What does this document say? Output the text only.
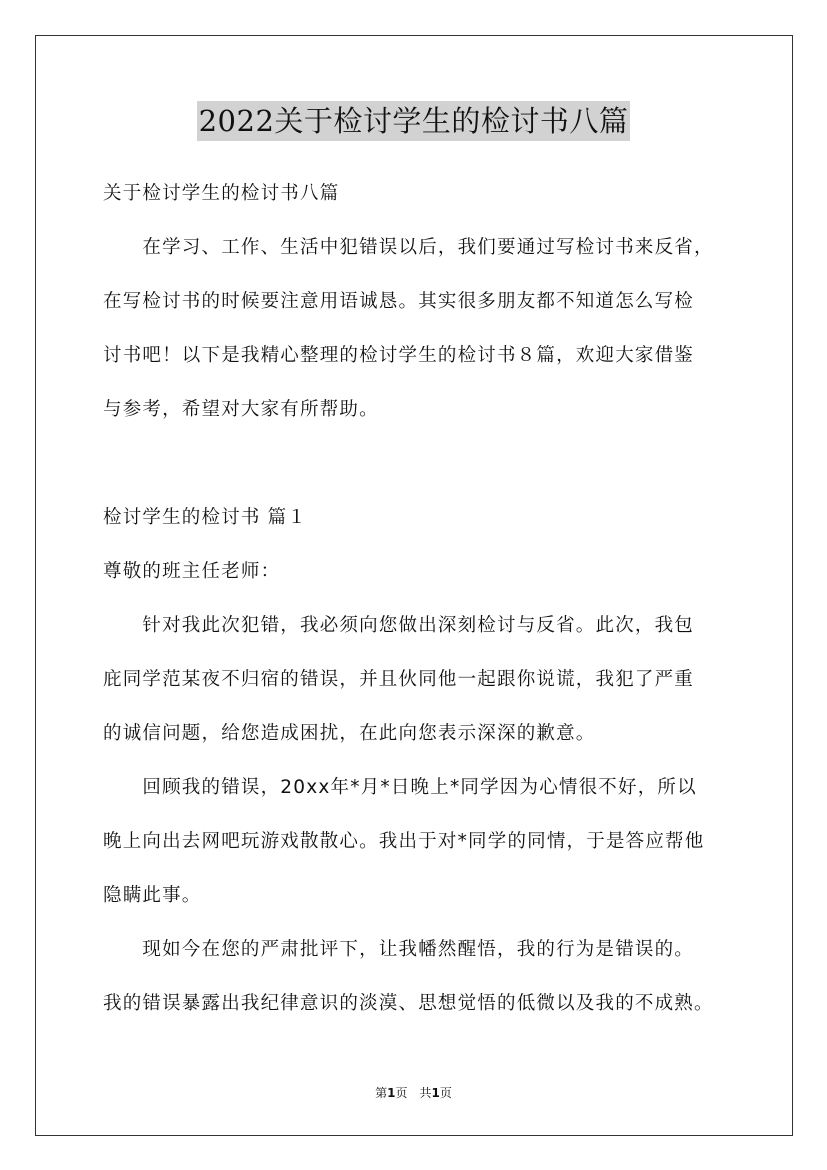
2022关于检讨学生的检讨书八篇
关于检讨学生的检讨书八篇
　　在学习、工作、生活中犯错误以后，我们要通过写检讨书来反省，
在写检讨书的时候要注意用语诚恳。其实很多朋友都不知道怎么写检
讨书吧！以下是我精心整理的检讨学生的检讨书８篇，欢迎大家借鉴
与参考，希望对大家有所帮助。
检讨学生的检讨书 篇１
尊敬的班主任老师：
　　针对我此次犯错，我必须向您做出深刻检讨与反省。此次，我包
庇同学范某夜不归宿的错误，并且伙同他一起跟你说谎，我犯了严重
的诚信问题，给您造成困扰，在此向您表示深深的歉意。
　　回顾我的错误，20xx年*月*日晚上*同学因为心情很不好，所以
晚上向出去网吧玩游戏散散心。我出于对*同学的同情，于是答应帮他
隐瞒此事。
　　现如今在您的严肃批评下，让我幡然醒悟，我的行为是错误的。
我的错误暴露出我纪律意识的淡漠、思想觉悟的低微以及我的不成熟。
第1页　共1页
